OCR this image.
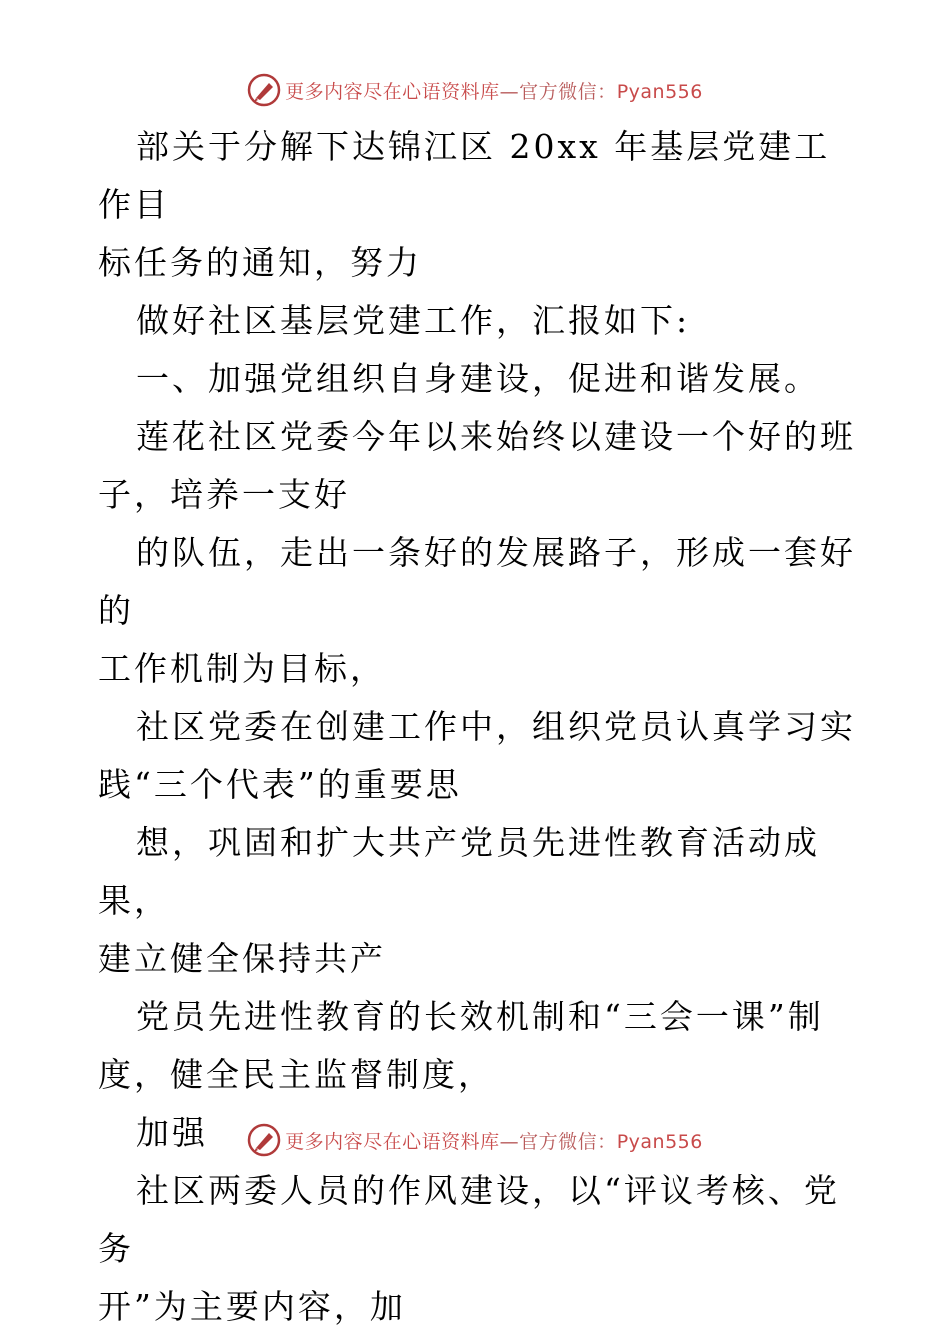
更多内容尽在心语资料库—官方微信：Pyan556

部关于分解下达锦江区 20xx 年基层党建工作目
标任务的通知，努力

做好社区基层党建工作，汇报如下:

一、加强党组织自身建设，促进和谐发展。

莲花社区党委今年以来始终以建设一个好的班
子，培养一支好

的队伍，走出一条好的发展路子，形成一套好的
工作机制为目标，

社区党委在创建工作中，组织党员认真学习实
践“三个代表”的重要思

想，巩固和扩大共产党员先进性教育活动成果，
建立健全保持共产

党员先进性教育的长效机制和“三会一课”制
度，健全民主监督制度，

加强

社区两委人员的作风建设，以“评议考核、党务
开”为主要内容，加

更多内容尽在心语资料库—官方微信：Pyan556
